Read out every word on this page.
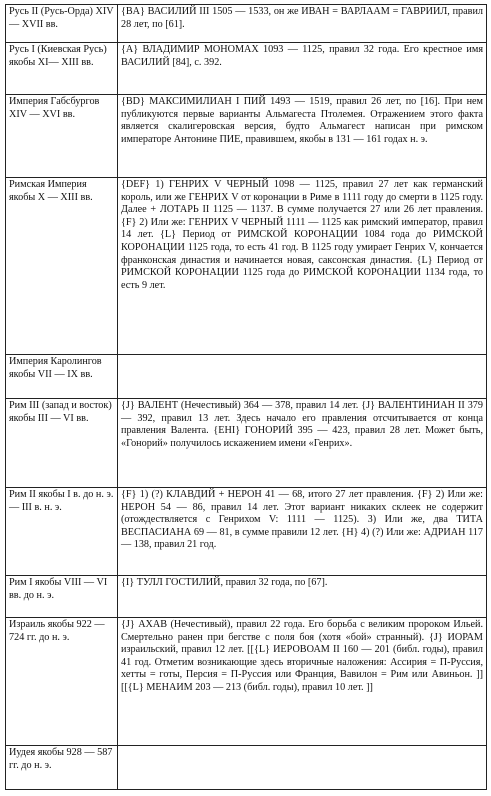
Русь II (Русь-Орда) XIV — XVII вв.	{BA} ВАСИЛИЙ III 1505 — 1533, он же ИВАН = ВАРЛААМ = ГАВРИИЛ, правил 28 лет, по [61].
Русь I (Киевская Русь) якобы XI— XIII вв.	{A} ВЛАДИМИР МОНОМАХ 1093 — 1125, правил 32 года. Его крестное имя ВАСИЛИЙ [84], с. 392.
Империя Габсбургов XIV — XVI вв.	{BD} МАКСИМИЛИАН I ПИЙ 1493 — 1519, правил 26 лет, по [16]. При нем публикуются первые варианты Альмагеста Птолемея. Отражением этого факта является скалигеровская версия, будто Альмагест написан при римском императоре Антонине ПИЕ, правившем, якобы в 131 — 161 годах н. э.
Римская Империя якобы X — XIII вв.	{DEF} 1) ГЕНРИХ V ЧЕРНЫЙ 1098 — 1125, правил 27 лет как германский король, или же ГЕНРИХ V от коронации в Риме в 1111 году до смерти в 1125 году. Далее + ЛОТАРЬ II 1125 — 1137. В сумме получается 27 или 26 лет правления. {F} 2) Или же: ГЕНРИХ V ЧЕРНЫЙ 1111 — 1125 как римский император, правил 14 лет. {L} Период от РИМСКОЙ КОРОНАЦИИ 1084 года до РИМСКОЙ КОРОНАЦИИ 1125 года, то есть 41 год. В 1125 году умирает Генрих V, кончается франконская династия и начинается новая, саксонская династия. {L} Период от РИМСКОЙ КОРОНАЦИИ 1125 года до РИМСКОЙ КОРОНАЦИИ 1134 года, то есть 9 лет.
Империя Каролингов якобы VII — IX вв.	
Рим III (запад и восток) якобы III — VI вв.	{J} ВАЛЕНТ (Нечестивый) 364 — 378, правил 14 лет. {J} ВАЛЕНТИНИАН II 379 — 392, правил 13 лет. Здесь начало его правления отсчитывается от конца правления Валента. {EHI} ГОНОРИЙ 395 — 423, правил 28 лет. Может быть, «Гонорий» получилось искажением имени «Генрих».
Рим II якобы I в. до н. э. — III в. н. э.	{F} 1) (?) КЛАВДИЙ + НЕРОН 41 — 68, итого 27 лет правления. {F} 2) Или же: НЕРОН 54 — 86, правил 14 лет. Этот вариант никаких склеек не содержит (отождествляется с Генрихом V: 1111 — 1125). 3) Или же, два ТИТА ВЕСПАСИАНА 69 — 81, в сумме правили 12 лет. {H} 4) (?) Или же: АДРИАН 117 — 138, правил 21 год.
Рим I якобы VIII — VI вв. до н. э.	{I} ТУЛЛ ГОСТИЛИЙ, правил 32 года, по [67].
Израиль якобы 922 — 724 гг. до н. э.	{J} АХАВ (Нечестивый), правил 22 года. Его борьба с великим пророком Ильей. Смертельно ранен при бегстве с поля боя (хотя «бой» странный). {J} ИОРАМ израильский, правил 12 лет. [[{L} ИЕРОВОАМ II 160 — 201 (библ. годы), правил 41 год. Отметим возникающие здесь вторичные наложения: Ассирия = П-Руссия, хетты = готы, Персия = П-Руссия или Франция, Вавилон = Рим или Авиньон. ]] [[{L} МЕНАИМ 203 — 213 (библ. годы), правил 10 лет. ]]
Иудея якобы 928 — 587 гг. до н. э.	
